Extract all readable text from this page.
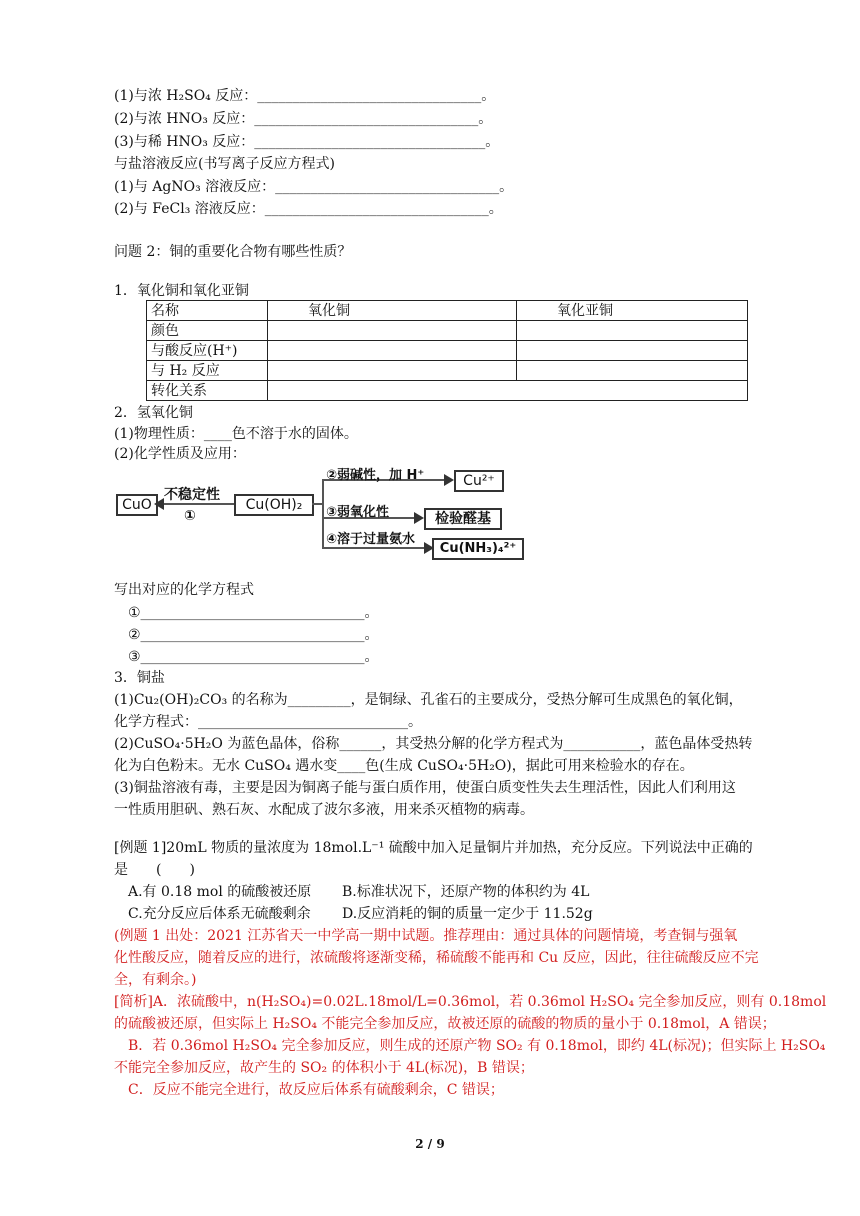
(1)与浓 H₂SO₄ 反应：________________________________。
(2)与浓 HNO₃ 反应：________________________________。
(3)与稀 HNO₃ 反应：_________________________________。
与盐溶液反应(书写离子反应方程式)
(1)与 AgNO₃ 溶液反应：________________________________。
(2)与 FeCl₃ 溶液反应：________________________________。
问题 2：铜的重要化合物有哪些性质？
1．氧化铜和氧化亚铜
名称	氧化铜	氧化亚铜
颜色		
与酸反应(H⁺)		
与 H₂ 反应		
转化关系		
2．氢氧化铜
(1)物理性质：____色不溶于水的固体。
(2)化学性质及应用：
CuO
不稳定性
①
Cu(OH)₂
②弱碱性，加 H⁺	Cu²⁺
③弱氧化性	检验醛基
④溶于过量氨水
Cu(NH₃)₄²⁺
写出对应的化学方程式
①________________________________。
②________________________________。
③________________________________。
3．铜盐
(1)Cu₂(OH)₂CO₃ 的名称为_________，是铜绿、孔雀石的主要成分，受热分解可生成黑色的氧化铜，
化学方程式：______________________________。
(2)CuSO₄·5H₂O 为蓝色晶体，俗称______，其受热分解的化学方程式为___________，蓝色晶体受热转
化为白色粉末。无水 CuSO₄ 遇水变____色(生成 CuSO₄·5H₂O)，据此可用来检验水的存在。
(3)铜盐溶液有毒，主要是因为铜离子能与蛋白质作用，使蛋白质变性失去生理活性，因此人们利用这
一性质用胆矾、熟石灰、水配成了波尔多液，用来杀灭植物的病毒。
[例题 1]20mL 物质的量浓度为 18mol.L⁻¹ 硫酸中加入足量铜片并加热，充分反应。下列说法中正确的
是　　(　　)
A.有 0.18 mol 的硫酸被还原 B.标准状况下，还原产物的体积约为 4L
C.充分反应后体系无硫酸剩余 D.反应消耗的铜的质量一定少于 11.52g
(例题 1 出处：2021 江苏省天一中学高一期中试题。推荐理由：通过具体的问题情境，考查铜与强氧
化性酸反应，随着反应的进行，浓硫酸将逐渐变稀，稀硫酸不能再和 Cu 反应，因此，往往硫酸反应不完
全，有剩余。)
[简析]A．浓硫酸中，n(H₂SO₄)=0.02L.18mol/L=0.36mol，若 0.36mol H₂SO₄ 完全参加反应，则有 0.18mol
的硫酸被还原，但实际上 H₂SO₄ 不能完全参加反应，故被还原的硫酸的物质的量小于 0.18mol，A 错误；
B．若 0.36mol H₂SO₄ 完全参加反应，则生成的还原产物 SO₂ 有 0.18mol，即约 4L(标况)；但实际上 H₂SO₄
不能完全参加反应，故产生的 SO₂ 的体积小于 4L(标况)，B 错误；
C．反应不能完全进行，故反应后体系有硫酸剩余，C 错误；
2 / 9
